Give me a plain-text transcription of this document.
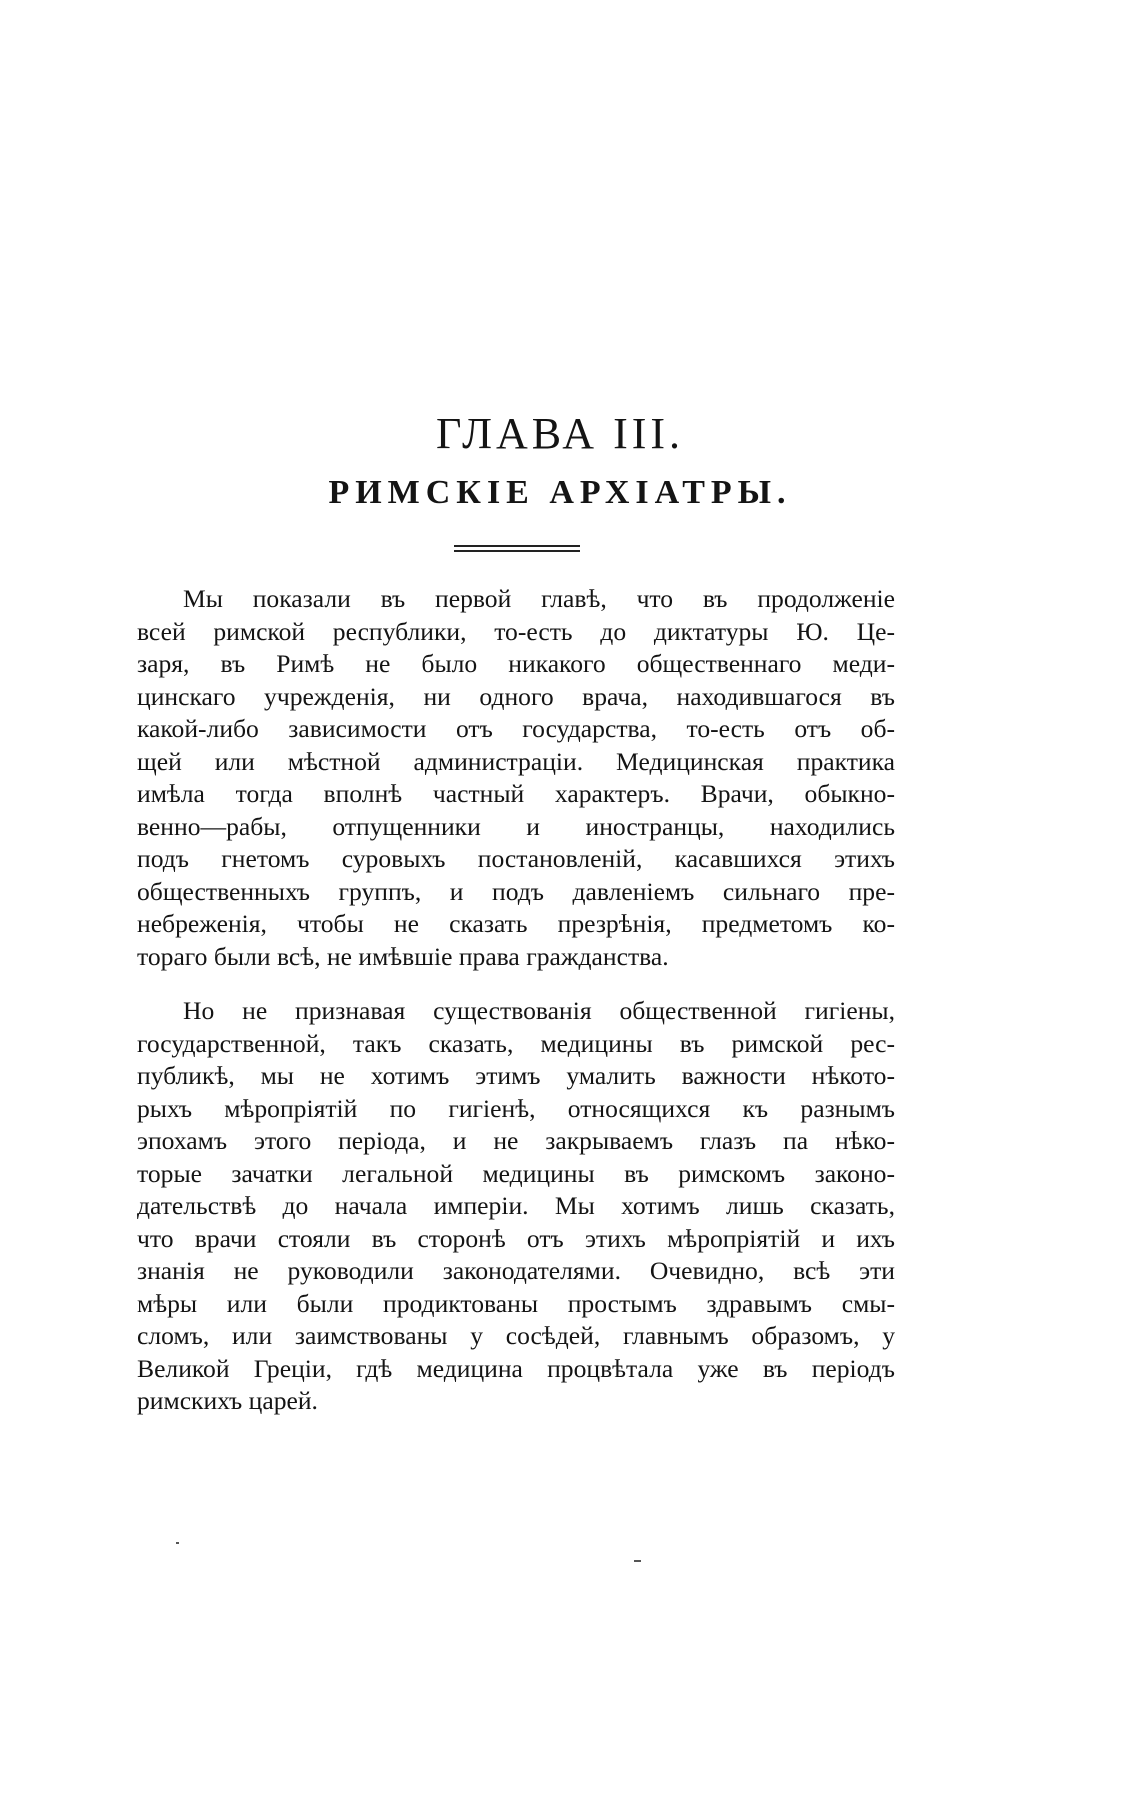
ГЛАВА III.
РИМСКІЕ АРХІАТРЫ.
Мы показали въ первой главѣ, что въ продолженіе
всей римской республики, то-есть до диктатуры Ю. Це-
заря, въ Римѣ не было никакого общественнаго меди-
цинскаго учрежденія, ни одного врача, находившагося въ
какой-либо зависимости отъ государства, то-есть отъ об-
щей или мѣстной администраціи. Медицинская практика
имѣла тогда вполнѣ частный характеръ. Врачи, обыкно-
венно—рабы, отпущенники и иностранцы, находились
подъ гнетомъ суровыхъ постановленій, касавшихся этихъ
общественныхъ группъ, и подъ давленіемъ сильнаго пре-
небреженія, чтобы не сказать презрѣнія, предметомъ ко-
тораго были всѣ, не имѣвшіе права гражданства.
Но не признавая существованія общественной гигіены,
государственной, такъ сказать, медицины въ римской рес-
публикѣ, мы не хотимъ этимъ умалить важности нѣкото-
рыхъ мѣропріятій по гигіенѣ, относящихся къ разнымъ
эпохамъ этого періода, и не закрываемъ глазъ па нѣко-
торые зачатки легальной медицины въ римскомъ законо-
дательствѣ до начала имперіи. Мы хотимъ лишь сказать,
что врачи стояли въ сторонѣ отъ этихъ мѣропріятій и ихъ
знанія не руководили законодателями. Очевидно, всѣ эти
мѣры или были продиктованы простымъ здравымъ смы-
сломъ, или заимствованы у сосѣдей, главнымъ образомъ, у
Великой Греціи, гдѣ медицина процвѣтала уже въ періодъ
римскихъ царей.
